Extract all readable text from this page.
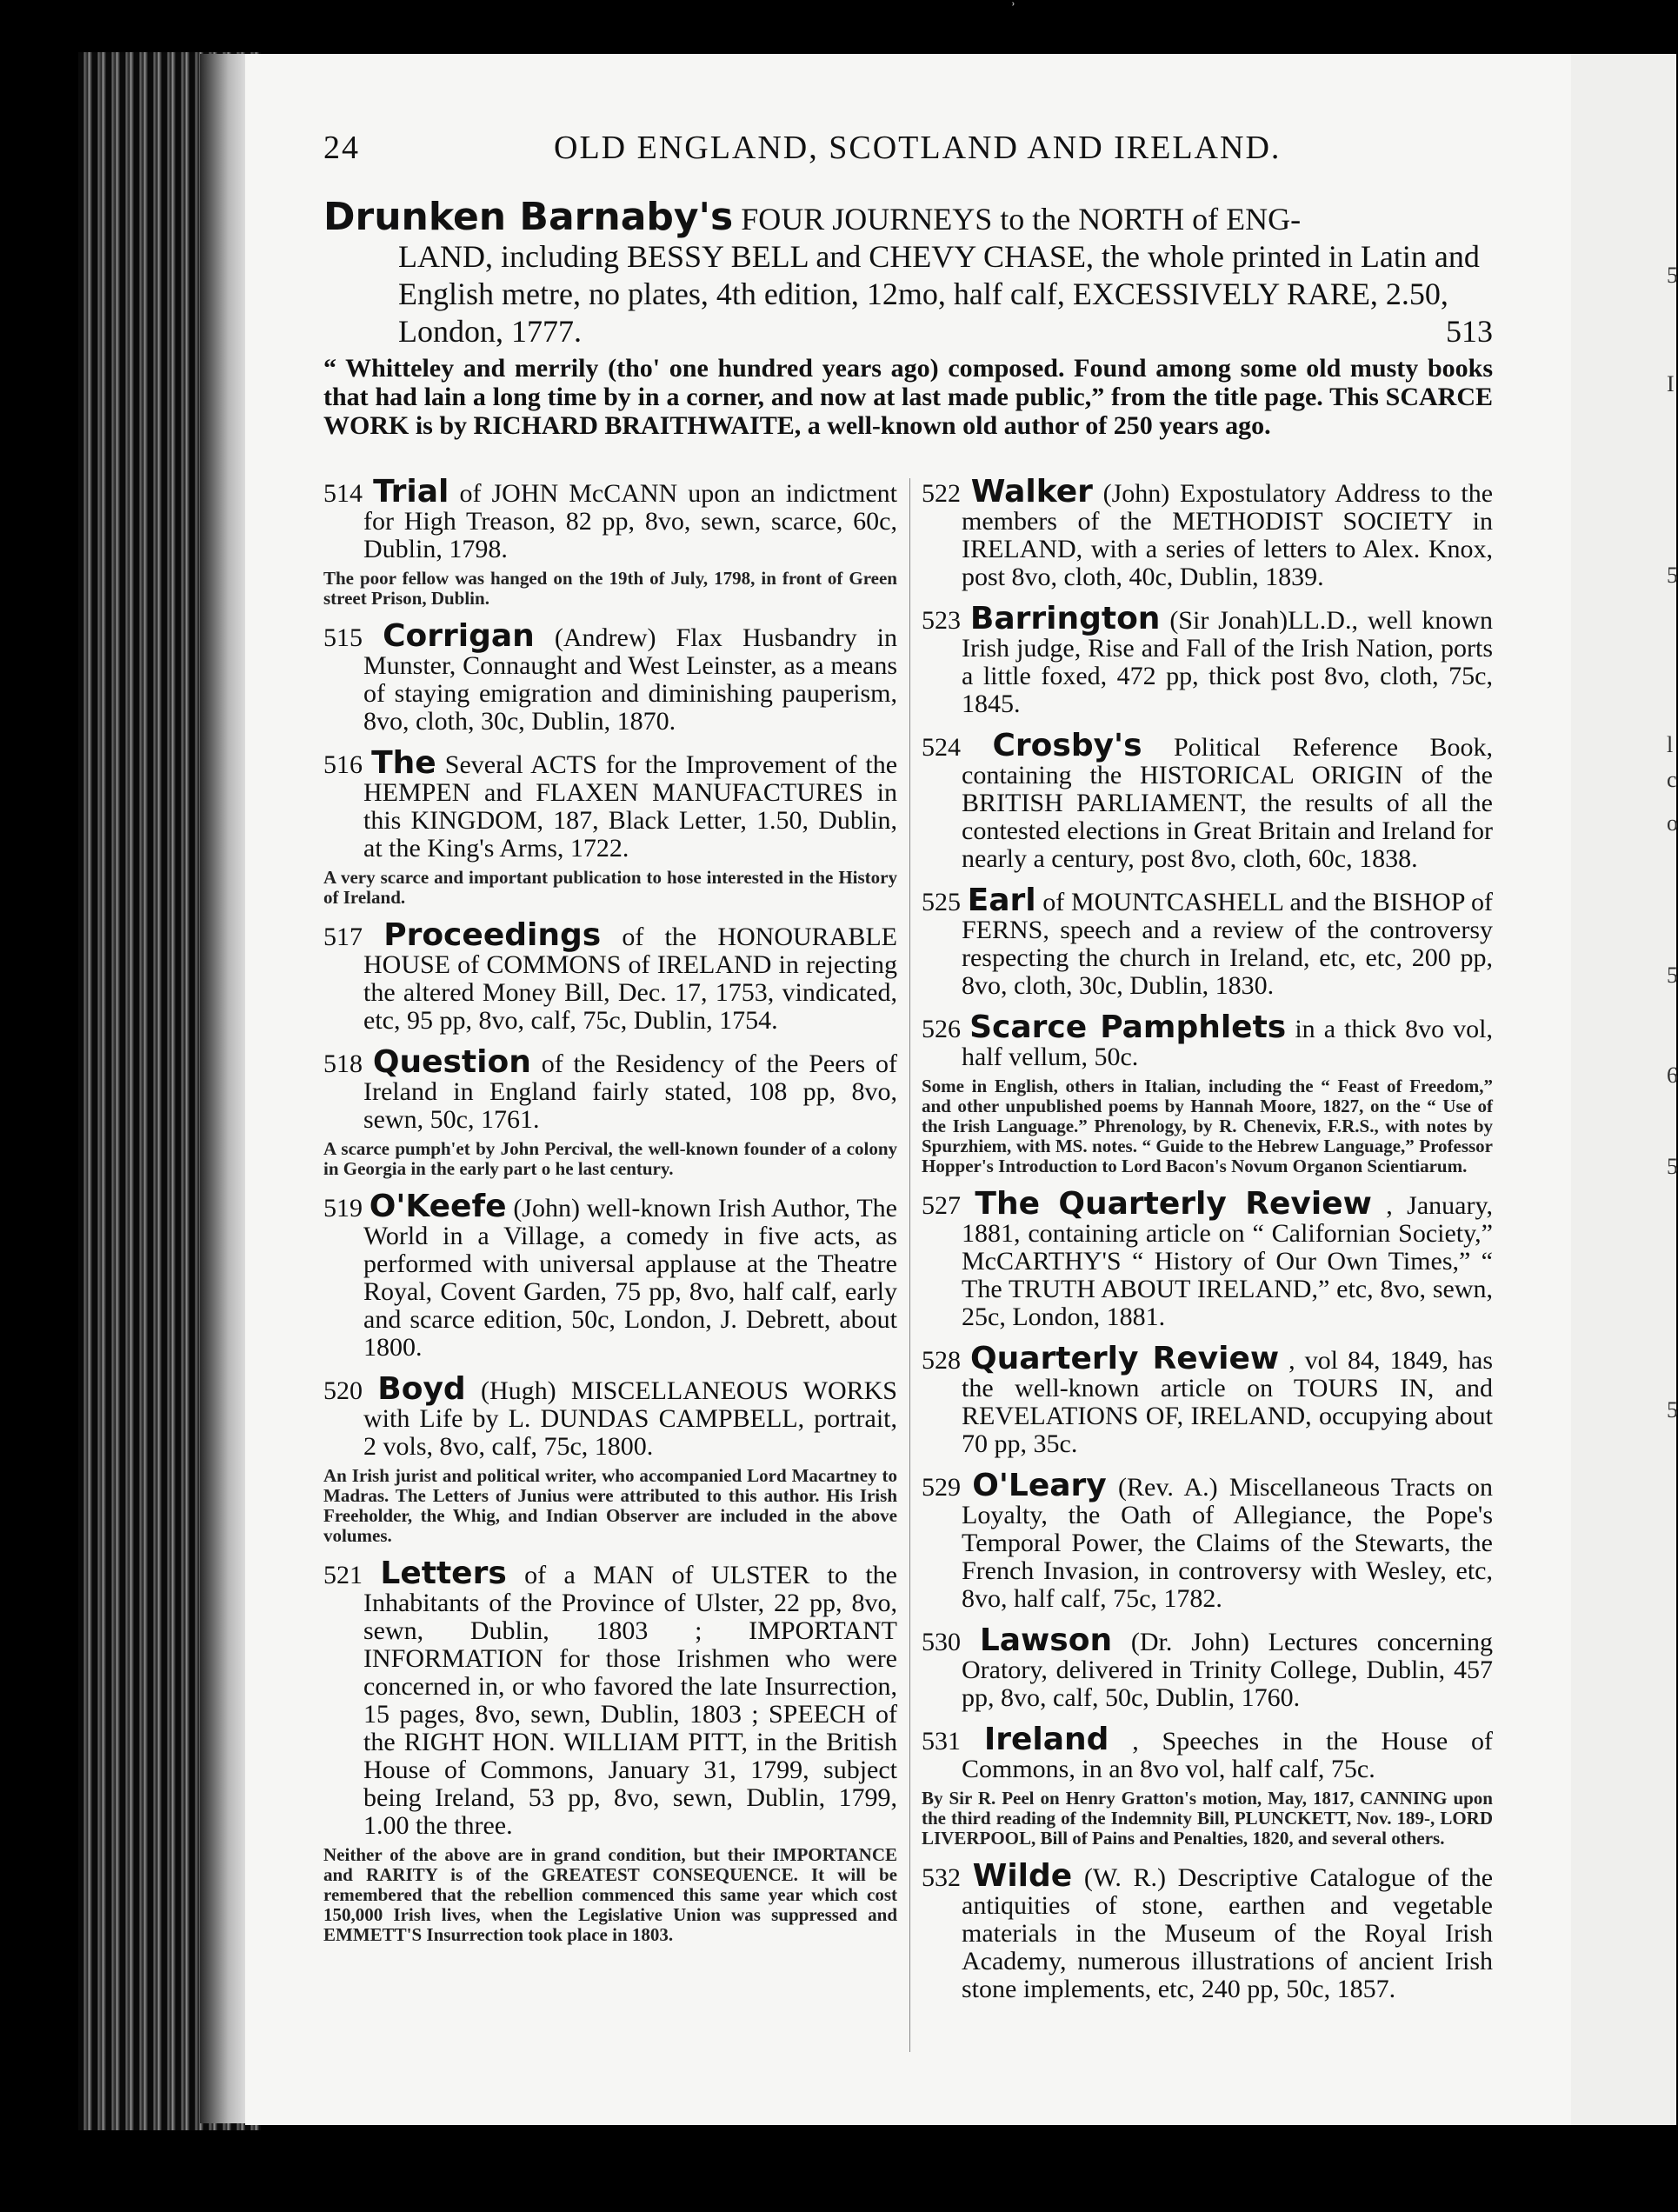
5
I
5
l
c
o
5
6
5
5
ʾ
24	OLD ENGLAND, SCOTLAND AND IRELAND.
Drunken Barnaby's FOUR JOURNEYS to the NORTH of ENG-
LAND, including BESSY BELL and CHEVY CHASE, the whole printed in Latin and
English metre, no plates, 4th edition, 12mo, half calf, EXCESSIVELY RARE, 2.50,
London, 1777.	513
“ Whitteley and merrily (tho' one hundred years ago) composed. Found among some old musty books that had lain a long time by in a corner, and now at last made public,” from the title page. This SCARCE WORK is by RICHARD BRAITHWAITE, a well-known old author of 250 years ago.
514 Trial of JOHN McCANN upon an indictment for High Treason, 82 pp, 8vo, sewn, scarce, 60c, Dublin, 1798.
The poor fellow was hanged on the 19th of July, 1798, in front of Green street Prison, Dublin.
515 Corrigan (Andrew) Flax Husbandry in Munster, Connaught and West Leinster, as a means of staying emigration and diminishing pauperism, 8vo, cloth, 30c, Dublin, 1870.
516 The Several ACTS for the Improvement of the HEMPEN and FLAXEN MANUFACTURES in this KINGDOM, 187, Black Letter, 1.50, Dublin, at the King's Arms, 1722.
A very scarce and important publication to hose interested in the History of Ireland.
517 Proceedings of the HONOURABLE HOUSE of COMMONS of IRELAND in rejecting the altered Money Bill, Dec. 17, 1753, vindicated, etc, 95 pp, 8vo, calf, 75c, Dublin, 1754.
518 Question of the Residency of the Peers of Ireland in England fairly stated, 108 pp, 8vo, sewn, 50c, 1761.
A scarce pumph'et by John Percival, the well-known founder of a colony in Georgia in the early part o he last century.
519 O'Keefe (John) well-known Irish Author, The World in a Village, a comedy in five acts, as performed with universal applause at the Theatre Royal, Covent Garden, 75 pp, 8vo, half calf, early and scarce edition, 50c, London, J. Debrett, about 1800.
520 Boyd (Hugh) MISCELLANEOUS WORKS with Life by L. DUNDAS CAMPBELL, portrait, 2 vols, 8vo, calf, 75c, 1800.
An Irish jurist and political writer, who accompanied Lord Macartney to Madras. The Letters of Junius were attributed to this author. His Irish Freeholder, the Whig, and Indian Observer are included in the above volumes.
521 Letters of a MAN of ULSTER to the Inhabitants of the Province of Ulster, 22 pp, 8vo, sewn, Dublin, 1803 ; IMPORTANT INFORMATION for those Irishmen who were concerned in, or who favored the late Insurrection, 15 pages, 8vo, sewn, Dublin, 1803 ; SPEECH of the RIGHT HON. WILLIAM PITT, in the British House of Commons, January 31, 1799, subject being Ireland, 53 pp, 8vo, sewn, Dublin, 1799, 1.00 the three.
Neither of the above are in grand condition, but their IMPORTANCE and RARITY is of the GREATEST CONSEQUENCE. It will be remembered that the rebellion commenced this same year which cost 150,000 Irish lives, when the Legislative Union was suppressed and EMMETT'S Insurrection took place in 1803.
522 Walker (John) Expostulatory Address to the members of the METHODIST SOCIETY in IRELAND, with a series of letters to Alex. Knox, post 8vo, cloth, 40c, Dublin, 1839.
523 Barrington (Sir Jonah)LL.D., well known Irish judge, Rise and Fall of the Irish Nation, ports a little foxed, 472 pp, thick post 8vo, cloth, 75c, 1845.
524 Crosby's Political Reference Book, containing the HISTORICAL ORIGIN of the BRITISH PARLIAMENT, the results of all the contested elections in Great Britain and Ireland for nearly a century, post 8vo, cloth, 60c, 1838.
525 Earl of MOUNTCASHELL and the BISHOP of FERNS, speech and a review of the controversy respecting the church in Ireland, etc, etc, 200 pp, 8vo, cloth, 30c, Dublin, 1830.
526 Scarce Pamphlets in a thick 8vo vol, half vellum, 50c.
Some in English, others in Italian, including the “ Feast of Freedom,” and other unpublished poems by Hannah Moore, 1827, on the “ Use of the Irish Language.” Phrenology, by R. Chenevix, F.R.S., with notes by Spurzhiem, with MS. notes. “ Guide to the Hebrew Language,” Professor Hopper's Introduction to Lord Bacon's Novum Organon Scientiarum.
527 The Quarterly Review , January, 1881, containing article on “ Californian Society,” McCARTHY'S “ History of Our Own Times,” “ The TRUTH ABOUT IRELAND,” etc, 8vo, sewn, 25c, London, 1881.
528 Quarterly Review , vol 84, 1849, has the well-known article on TOURS IN, and REVELATIONS OF, IRELAND, occupying about 70 pp, 35c.
529 O'Leary (Rev. A.) Miscellaneous Tracts on Loyalty, the Oath of Allegiance, the Pope's Temporal Power, the Claims of the Stewarts, the French Invasion, in controversy with Wesley, etc, 8vo, half calf, 75c, 1782.
530 Lawson (Dr. John) Lectures concerning Oratory, delivered in Trinity College, Dublin, 457 pp, 8vo, calf, 50c, Dublin, 1760.
531 Ireland , Speeches in the House of Commons, in an 8vo vol, half calf, 75c.
By Sir R. Peel on Henry Gratton's motion, May, 1817, CANNING upon the third reading of the Indemnity Bill, PLUNCKETT, Nov. 189-, LORD LIVERPOOL, Bill of Pains and Penalties, 1820, and several others.
532 Wilde (W. R.) Descriptive Catalogue of the antiquities of stone, earthen and vegetable materials in the Museum of the Royal Irish Academy, numerous illustrations of ancient Irish stone implements, etc, 240 pp, 50c, 1857.
